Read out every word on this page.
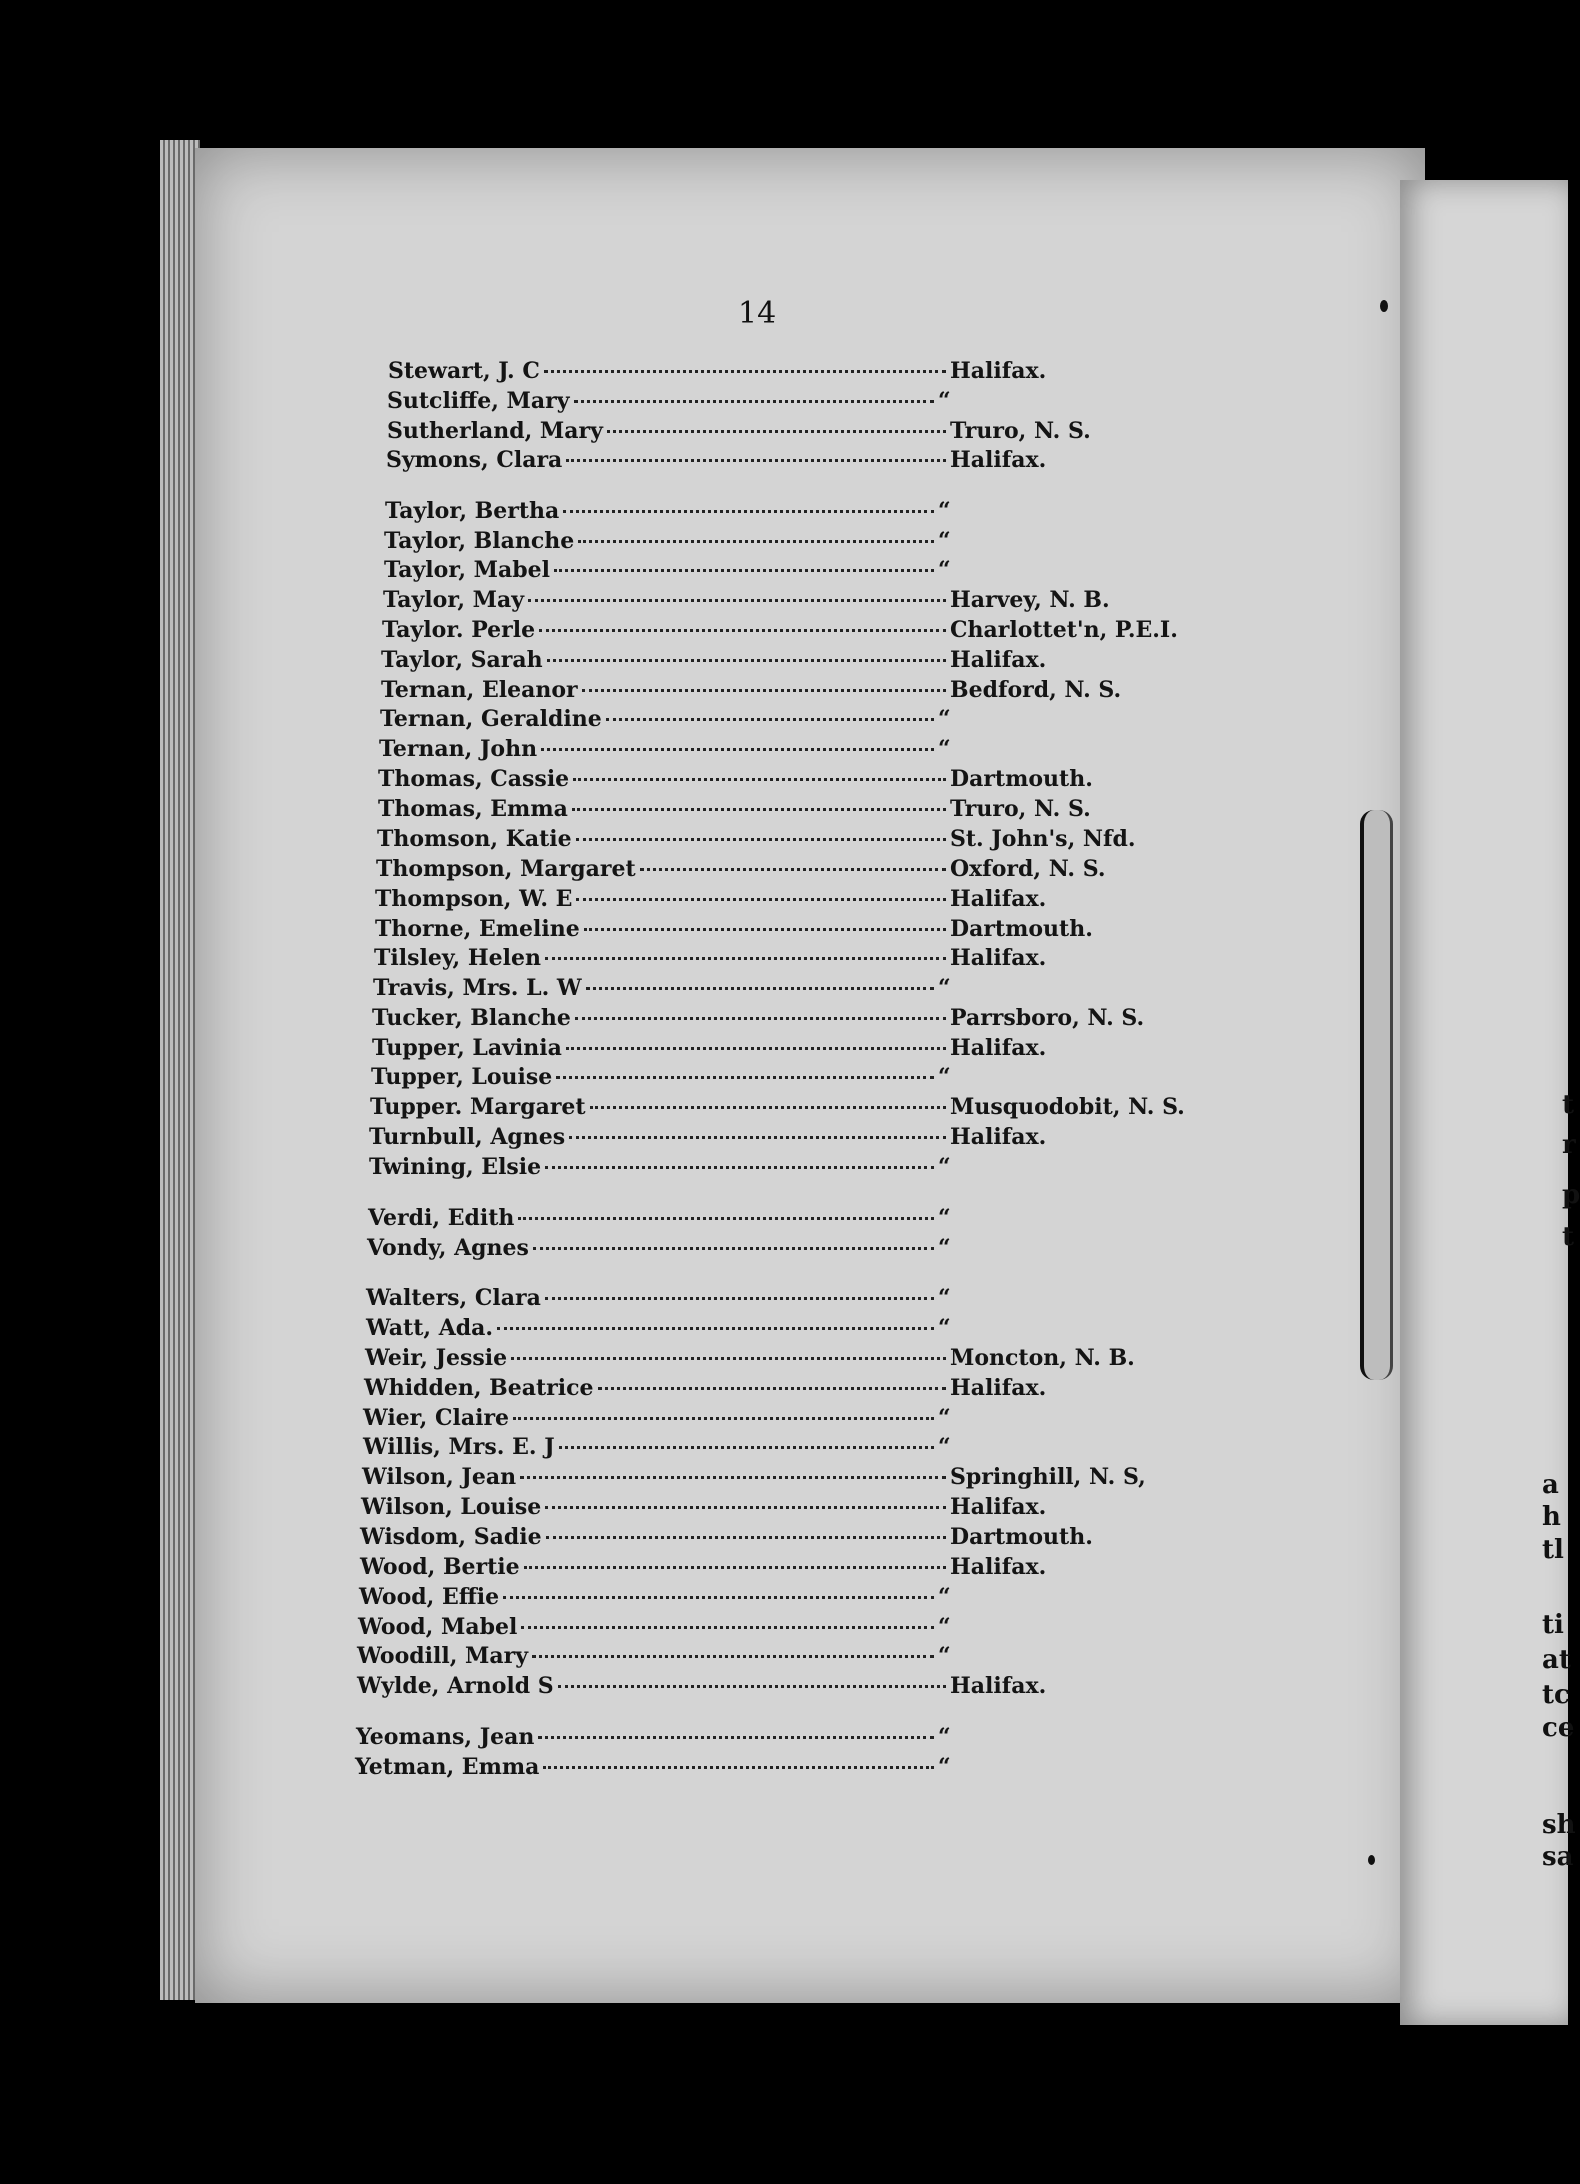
14
Stewart, J. C	Halifax.
Sutcliffe, Mary	“
Sutherland, Mary	Truro, N. S.
Symons, Clara	Halifax.
Taylor, Bertha	“
Taylor, Blanche	“
Taylor, Mabel	“
Taylor, May	Harvey, N. B.
Taylor. Perle	Charlottet'n, P.E.I.
Taylor, Sarah	Halifax.
Ternan, Eleanor	Bedford, N. S.
Ternan, Geraldine	“
Ternan, John	“
Thomas, Cassie	Dartmouth.
Thomas, Emma	Truro, N. S.
Thomson, Katie	St. John's, Nfd.
Thompson, Margaret	Oxford, N. S.
Thompson, W. E	Halifax.
Thorne, Emeline	Dartmouth.
Tilsley, Helen	Halifax.
Travis, Mrs. L. W	“
Tucker, Blanche	Parrsboro, N. S.
Tupper, Lavinia	Halifax.
Tupper, Louise	“
Tupper. Margaret	Musquodobit, N. S.
Turnbull, Agnes	Halifax.
Twining, Elsie	“
Verdi, Edith	“
Vondy, Agnes	“
Walters, Clara	“
Watt, Ada.	“
Weir, Jessie	Moncton, N. B.
Whidden, Beatrice	Halifax.
Wier, Claire	“
Willis, Mrs. E. J	“
Wilson, Jean	Springhill, N. S,
Wilson, Louise	Halifax.
Wisdom, Sadie	Dartmouth.
Wood, Bertie	Halifax.
Wood, Effie	“
Wood, Mabel	“
Woodill, Mary	“
Wylde, Arnold S	Halifax.
Yeomans, Jean	“
Yetman, Emma	“
t
r
p
t
a
h
tl
ti
at
tc
ce
sh
sa
